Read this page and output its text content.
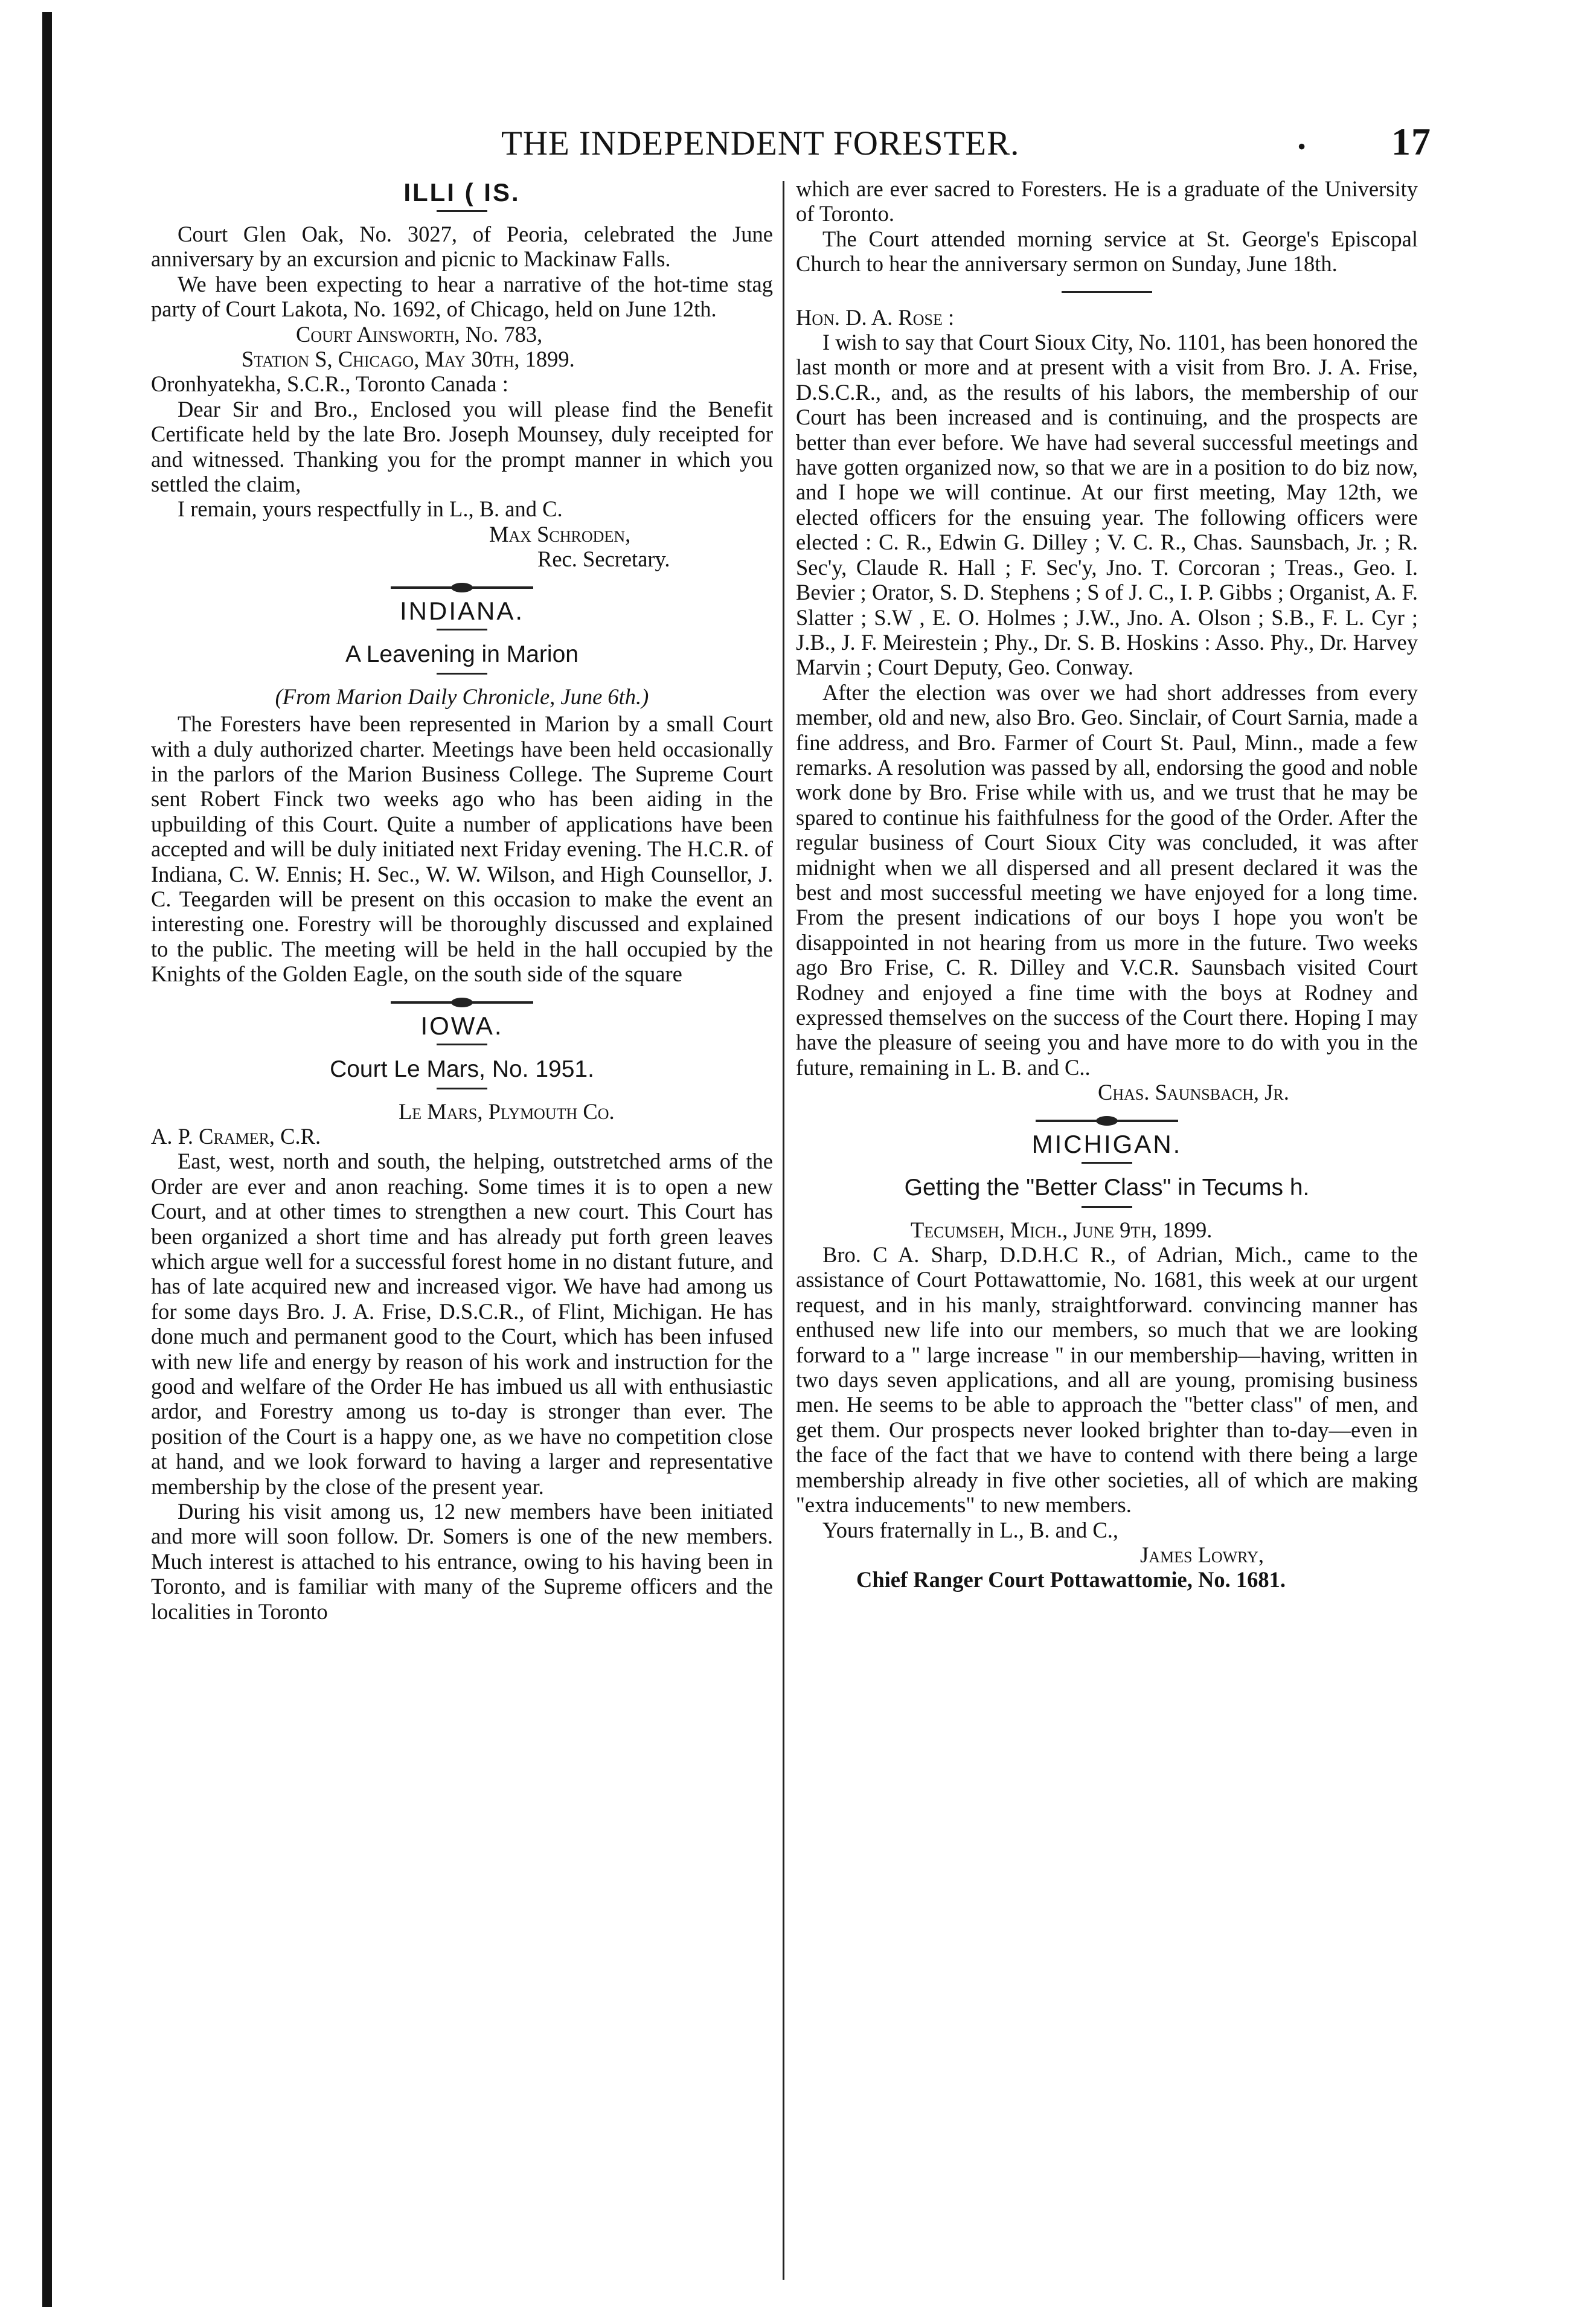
THE INDEPENDENT FORESTER.	• 17
ILLI ( IS.

Court Glen Oak, No. 3027, of Peoria, celebrated the June anniversary by an excursion and picnic to Mackinaw Falls.

We have been expecting to hear a narrative of the hot-time stag party of Court Lakota, No. 1692, of Chicago, held on June 12th.

Court Ainsworth, No. 783,

Station S, Chicago, May 30th, 1899.

Oronhyatekha, S.C.R., Toronto Canada :

Dear Sir and Bro., Enclosed you will please find the Benefit Certificate held by the late Bro. Joseph Mounsey, duly receipted for and witnessed. Thanking you for the prompt manner in which you settled the claim,

I remain, yours respectfully in L., B. and C.

Max Schroden,

Rec. Secretary.

INDIANA.
A Leavening in Marion
(From Marion Daily Chronicle, June 6th.)

The Foresters have been represented in Marion by a small Court with a duly authorized charter. Meetings have been held occasionally in the parlors of the Marion Business College. The Supreme Court sent Robert Finck two weeks ago who has been aiding in the upbuilding of this Court. Quite a number of applications have been accepted and will be duly initiated next Friday evening. The H.C.R. of Indiana, C. W. Ennis; H. Sec., W. W. Wilson, and High Counsellor, J. C. Teegarden will be present on this occasion to make the event an interesting one. Forestry will be thoroughly discussed and explained to the public. The meeting will be held in the hall occupied by the Knights of the Golden Eagle, on the south side of the square

IOWA.
Court Le Mars, No. 1951.

Le Mars, Plymouth Co.

A. P. Cramer, C.R.

East, west, north and south, the helping, outstretched arms of the Order are ever and anon reaching. Some times it is to open a new Court, and at other times to strengthen a new court. This Court has been organized a short time and has already put forth green leaves which argue well for a successful forest home in no distant future, and has of late acquired new and increased vigor. We have had among us for some days Bro. J. A. Frise, D.S.C.R., of Flint, Michigan. He has done much and permanent good to the Court, which has been infused with new life and energy by reason of his work and instruction for the good and welfare of the Order He has imbued us all with enthusiastic ardor, and Forestry among us to-day is stronger than ever. The position of the Court is a happy one, as we have no competition close at hand, and we look forward to having a larger and representative membership by the close of the present year.

During his visit among us, 12 new members have been initiated and more will soon follow. Dr. Somers is one of the new members. Much interest is attached to his entrance, owing to his having been in Toronto, and is familiar with many of the Supreme officers and the localities in Toronto

which are ever sacred to Foresters. He is a graduate of the University of Toronto.

The Court attended morning service at St. George's Episcopal Church to hear the anniversary sermon on Sunday, June 18th.

Hon. D. A. Rose :

I wish to say that Court Sioux City, No. 1101, has been honored the last month or more and at present with a visit from Bro. J. A. Frise, D.S.C.R., and, as the results of his labors, the membership of our Court has been increased and is continuing, and the prospects are better than ever before. We have had several successful meetings and have gotten organized now, so that we are in a position to do biz now, and I hope we will continue. At our first meeting, May 12th, we elected officers for the ensuing year. The following officers were elected : C. R., Edwin G. Dilley ; V. C. R., Chas. Saunsbach, Jr. ; R. Sec'y, Claude R. Hall ; F. Sec'y, Jno. T. Corcoran ; Treas., Geo. I. Bevier ; Orator, S. D. Stephens ; S of J. C., I. P. Gibbs ; Organist, A. F. Slatter ; S.W , E. O. Holmes ; J.W., Jno. A. Olson ; S.B., F. L. Cyr ; J.B., J. F. Meirestein ; Phy., Dr. S. B. Hoskins : Asso. Phy., Dr. Harvey Marvin ; Court Deputy, Geo. Conway.

After the election was over we had short addresses from every member, old and new, also Bro. Geo. Sinclair, of Court Sarnia, made a fine address, and Bro. Farmer of Court St. Paul, Minn., made a few remarks. A resolution was passed by all, endorsing the good and noble work done by Bro. Frise while with us, and we trust that he may be spared to continue his faithfulness for the good of the Order. After the regular business of Court Sioux City was concluded, it was after midnight when we all dispersed and all present declared it was the best and most successful meeting we have enjoyed for a long time. From the present indications of our boys I hope you won't be disappointed in not hearing from us more in the future. Two weeks ago Bro Frise, C. R. Dilley and V.C.R. Saunsbach visited Court Rodney and enjoyed a fine time with the boys at Rodney and expressed themselves on the success of the Court there. Hoping I may have the pleasure of seeing you and have more to do with you in the future, remaining in L. B. and C..

Chas. Saunsbach, Jr.

MICHIGAN.
Getting the "Better Class" in Tecums h.

Tecumseh, Mich., June 9th, 1899.

Bro. C A. Sharp, D.D.H.C R., of Adrian, Mich., came to the assistance of Court Pottawattomie, No. 1681, this week at our urgent request, and in his manly, straightforward. convincing manner has enthused new life into our members, so much that we are looking forward to a " large increase " in our membership—having, written in two days seven applications, and all are young, promising business men. He seems to be able to approach the "better class" of men, and get them. Our prospects never looked brighter than to-day—even in the face of the fact that we have to contend with there being a large membership already in five other societies, all of which are making "extra inducements" to new members.

Yours fraternally in L., B. and C.,

James Lowry,

Chief Ranger Court Pottawattomie, No. 1681.
